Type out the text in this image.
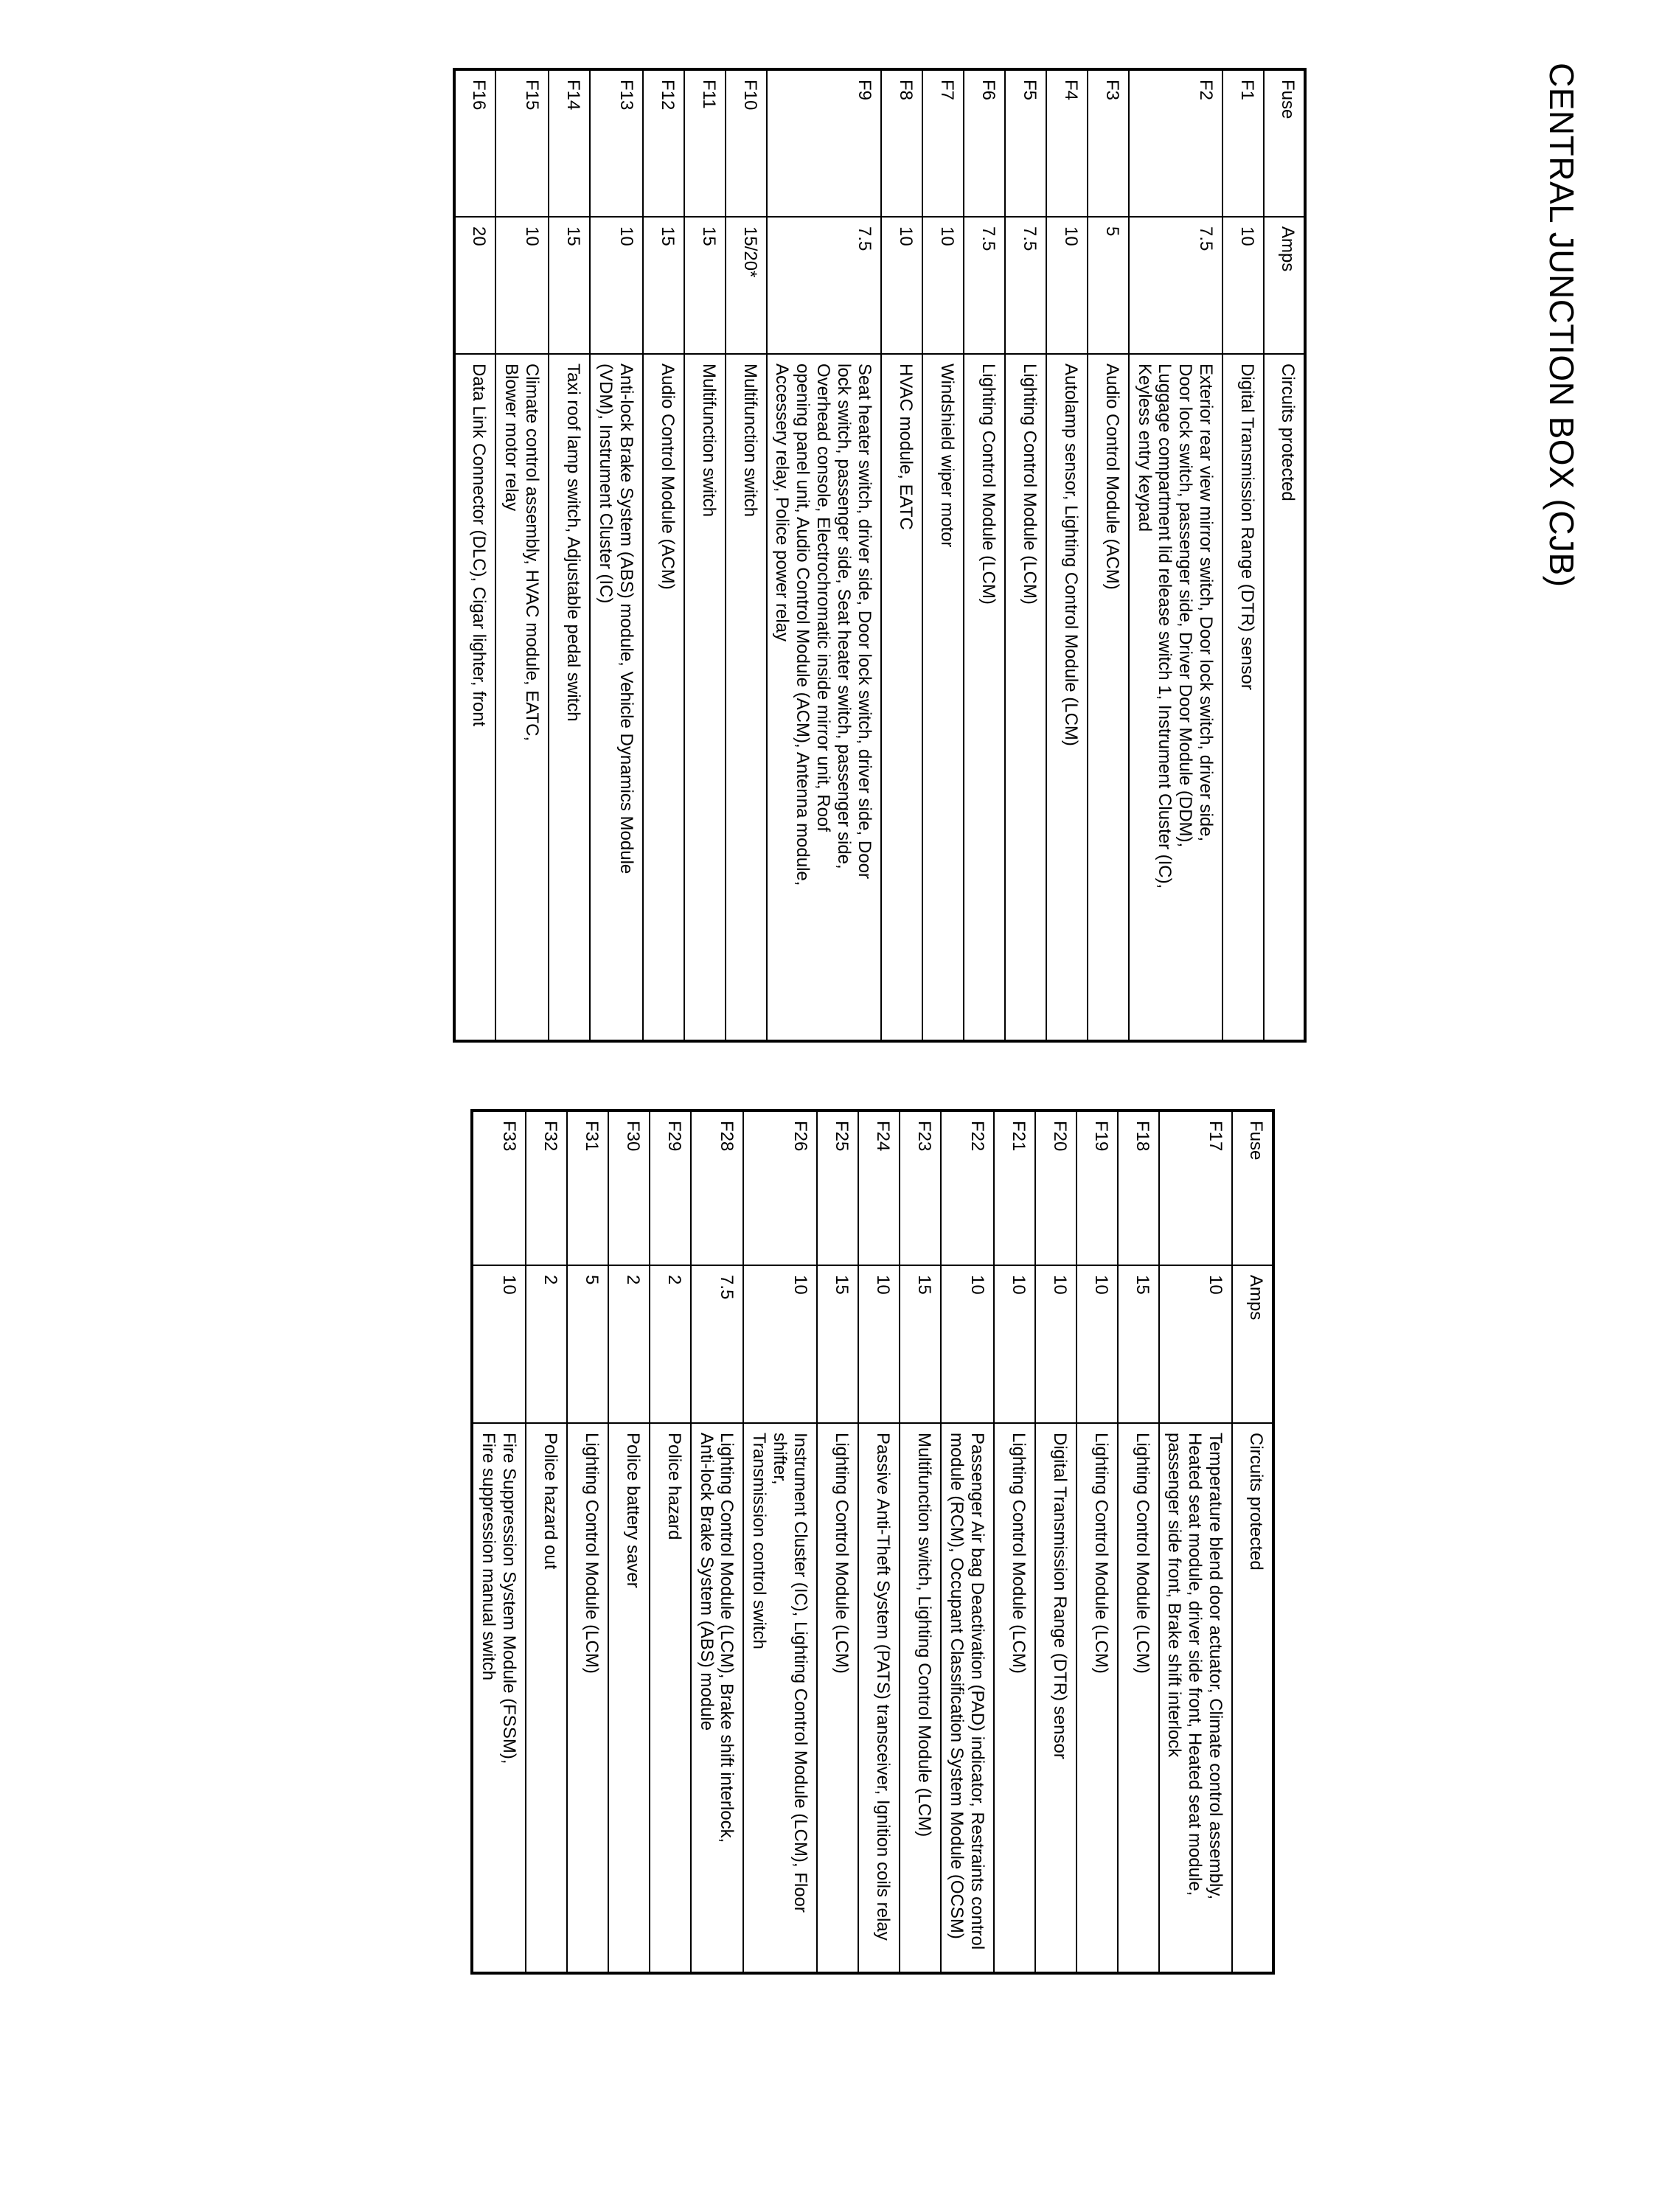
CENTRAL JUNCTION BOX (CJB)
Fuse	Amps	Circuits protected
F1	10	Digital Transmission Range (DTR) sensor
F2	7.5	Exterior rear view mirror switch, Door lock switch, driver side,
Door lock switch, passenger side, Driver Door Module (DDM),
Luggage compartment lid release switch 1, Instrument Cluster (IC),
Keyless entry keypad
F3	5	Audio Control Module (ACM)
F4	10	Autolamp sensor, Lighting Control Module (LCM)
F5	7.5	Lighting Control Module (LCM)
F6	7.5	Lighting Control Module (LCM)
F7	10	Windshield wiper motor
F8	10	HVAC module, EATC
F9	7.5	Seat heater switch, driver side, Door lock switch, driver side, Door
lock switch, passenger side, Seat heater switch, passenger side,
Overhead console, Electrochromatic inside mirror unit, Roof
opening panel unit, Audio Control Module (ACM), Antenna module,
Accessery relay, Police power relay
F10	15/20*	Multifunction switch
F11	15	Multifunction switch
F12	15	Audio Control Module (ACM)
F13	10	Anti-lock Brake System (ABS) module, Vehicle Dynamics Module
(VDM), Instrument Cluster (IC)
F14	15	Taxi roof lamp switch, Adjustable pedal switch
F15	10	Climate control assembly, HVAC module, EATC,
Blower motor relay
F16	20	Data Link Connector (DLC), Cigar lighter, front
Fuse	Amps	Circuits protected
F17	10	Temperature blend door actuator, Climate control assembly,
Heated seat module, driver side front, Heated seat module,
passenger side front, Brake shift interlock
F18	15	Lighting Control Module (LCM)
F19	10	Lighting Control Module (LCM)
F20	10	Digital Transmission Range (DTR) sensor
F21	10	Lighting Control Module (LCM)
F22	10	Passenger Air bag Deactivation (PAD) indicator, Restraints control
module (RCM), Occupant Classification System Module (OCSM)
F23	15	Multifunction switch, Lighting Control Module (LCM)
F24	10	Passive Anti-Theft System (PATS) transceiver, Ignition coils relay
F25	15	Lighting Control Module (LCM)
F26	10	Instrument Cluster (IC), Lighting Control Module (LCM), Floor shifter,
Transmission control switch
F28	7.5	Lighting Control Module (LCM), Brake shift interlock,
Anti-lock Brake System (ABS) module
F29	2	Police hazard
F30	2	Police battery saver
F31	5	Lighting Control Module (LCM)
F32	2	Police hazard out
F33	10	Fire Suppression System Module (FSSM),
Fire suppression manual switch
